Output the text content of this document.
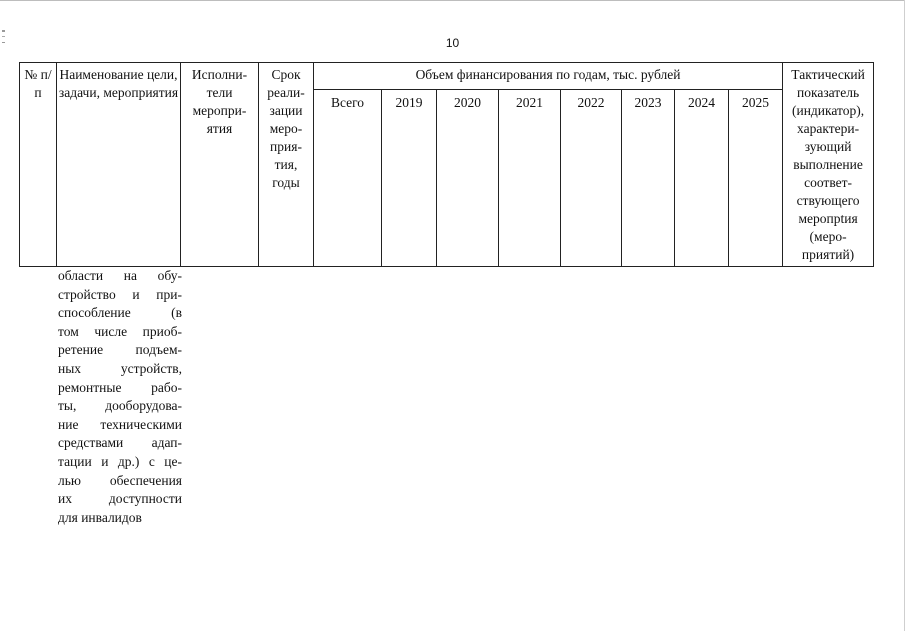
10
№ п/п	Наименование цели, задачи, мероприятия	Исполни-тели меропри-ятия	Срок реали-зации меро-прия-тия, годы	Объем финансирования по годам, тыс. рублей								Тактический показатель (индикатор), характери-зующий выполнение соответ-ствующего меропрtия (меро-приятий)
				Всего	2019	2020	2021	2022	2023	2024	2025	
области на обу-
стройство и при-
способление (в
том числе приоб-
ретение подъем-
ных устройств,
ремонтные рабо-
ты, дооборудова-
ние техническими
средствами адап-
тации и др.) с це-
лью обеспечения
их доступности
для инвалидов
